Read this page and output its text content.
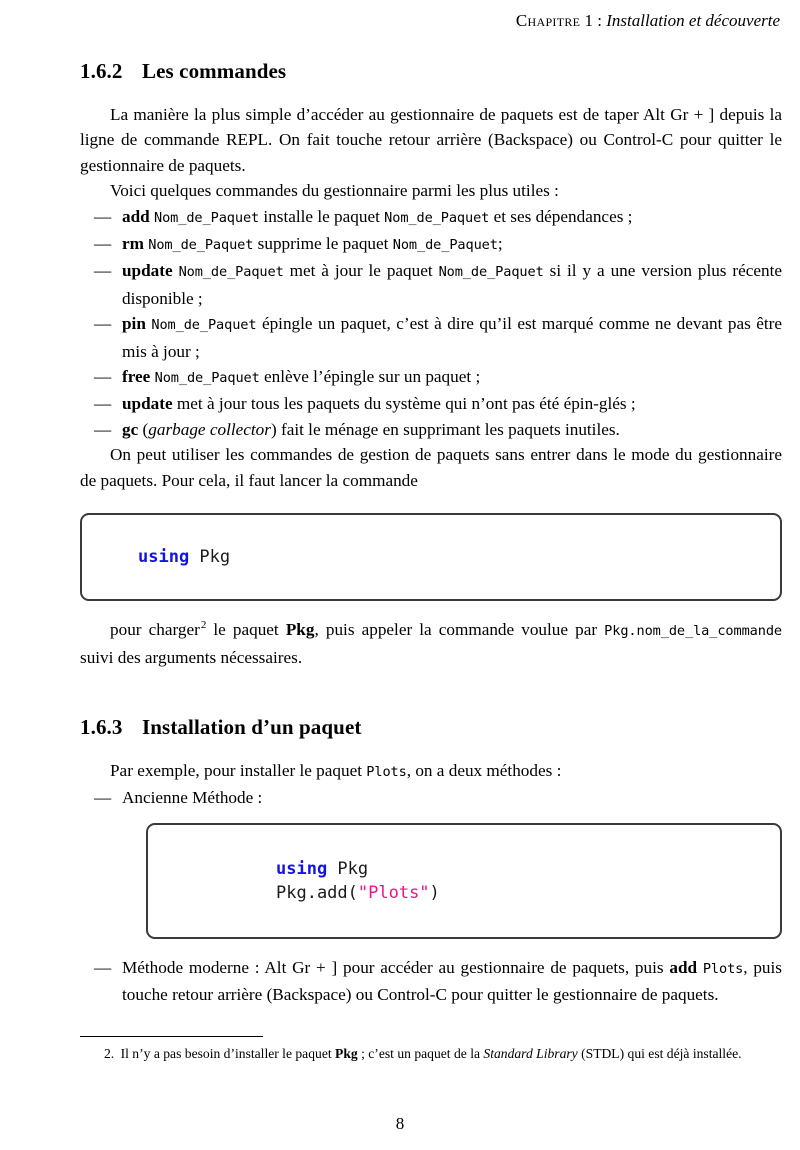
Chapitre 1 : Installation et découverte
1.6.2 Les commandes

La manière la plus simple d’accéder au gestionnaire de paquets est de taper Alt Gr + ] depuis la ligne de commande REPL. On fait touche retour arrière (Backspace) ou Control-C pour quitter le gestionnaire de paquets.

Voici quelques commandes du gestionnaire parmi les plus utiles :

— add Nom_de_Paquet installe le paquet Nom_de_Paquet et ses dépendances ;
— rm Nom_de_Paquet supprime le paquet Nom_de_Paquet;
— update Nom_de_Paquet met à jour le paquet Nom_de_Paquet si il y a une version plus récente disponible ;
— pin Nom_de_Paquet épingle un paquet, c’est à dire qu’il est marqué comme ne devant pas être mis à jour ;
— free Nom_de_Paquet enlève l’épingle sur un paquet ;
— update met à jour tous les paquets du système qui n’ont pas été épin-glés ;
— gc (garbage collector) fait le ménage en supprimant les paquets inutiles.

On peut utiliser les commandes de gestion de paquets sans entrer dans le mode du gestionnaire de paquets. Pour cela, il faut lancer la commande

using Pkg

pour charger$^2$ le paquet Pkg, puis appeler la commande voulue par Pkg.nom_de_la_commande suivi des arguments nécessaires.

1.6.3 Installation d’un paquet

Par exemple, pour installer le paquet Plots, on a deux méthodes :

— Ancienne Méthode :
using Pkg
Pkg.add("Plots")
— Méthode moderne : Alt Gr + ] pour accéder au gestionnaire de paquets, puis add Plots, puis touche retour arrière (Backspace) ou Control-C pour quitter le gestionnaire de paquets.

2. Il n’y a pas besoin d’installer le paquet Pkg ; c’est un paquet de la Standard Library (STDL) qui est déjà installée.

8
